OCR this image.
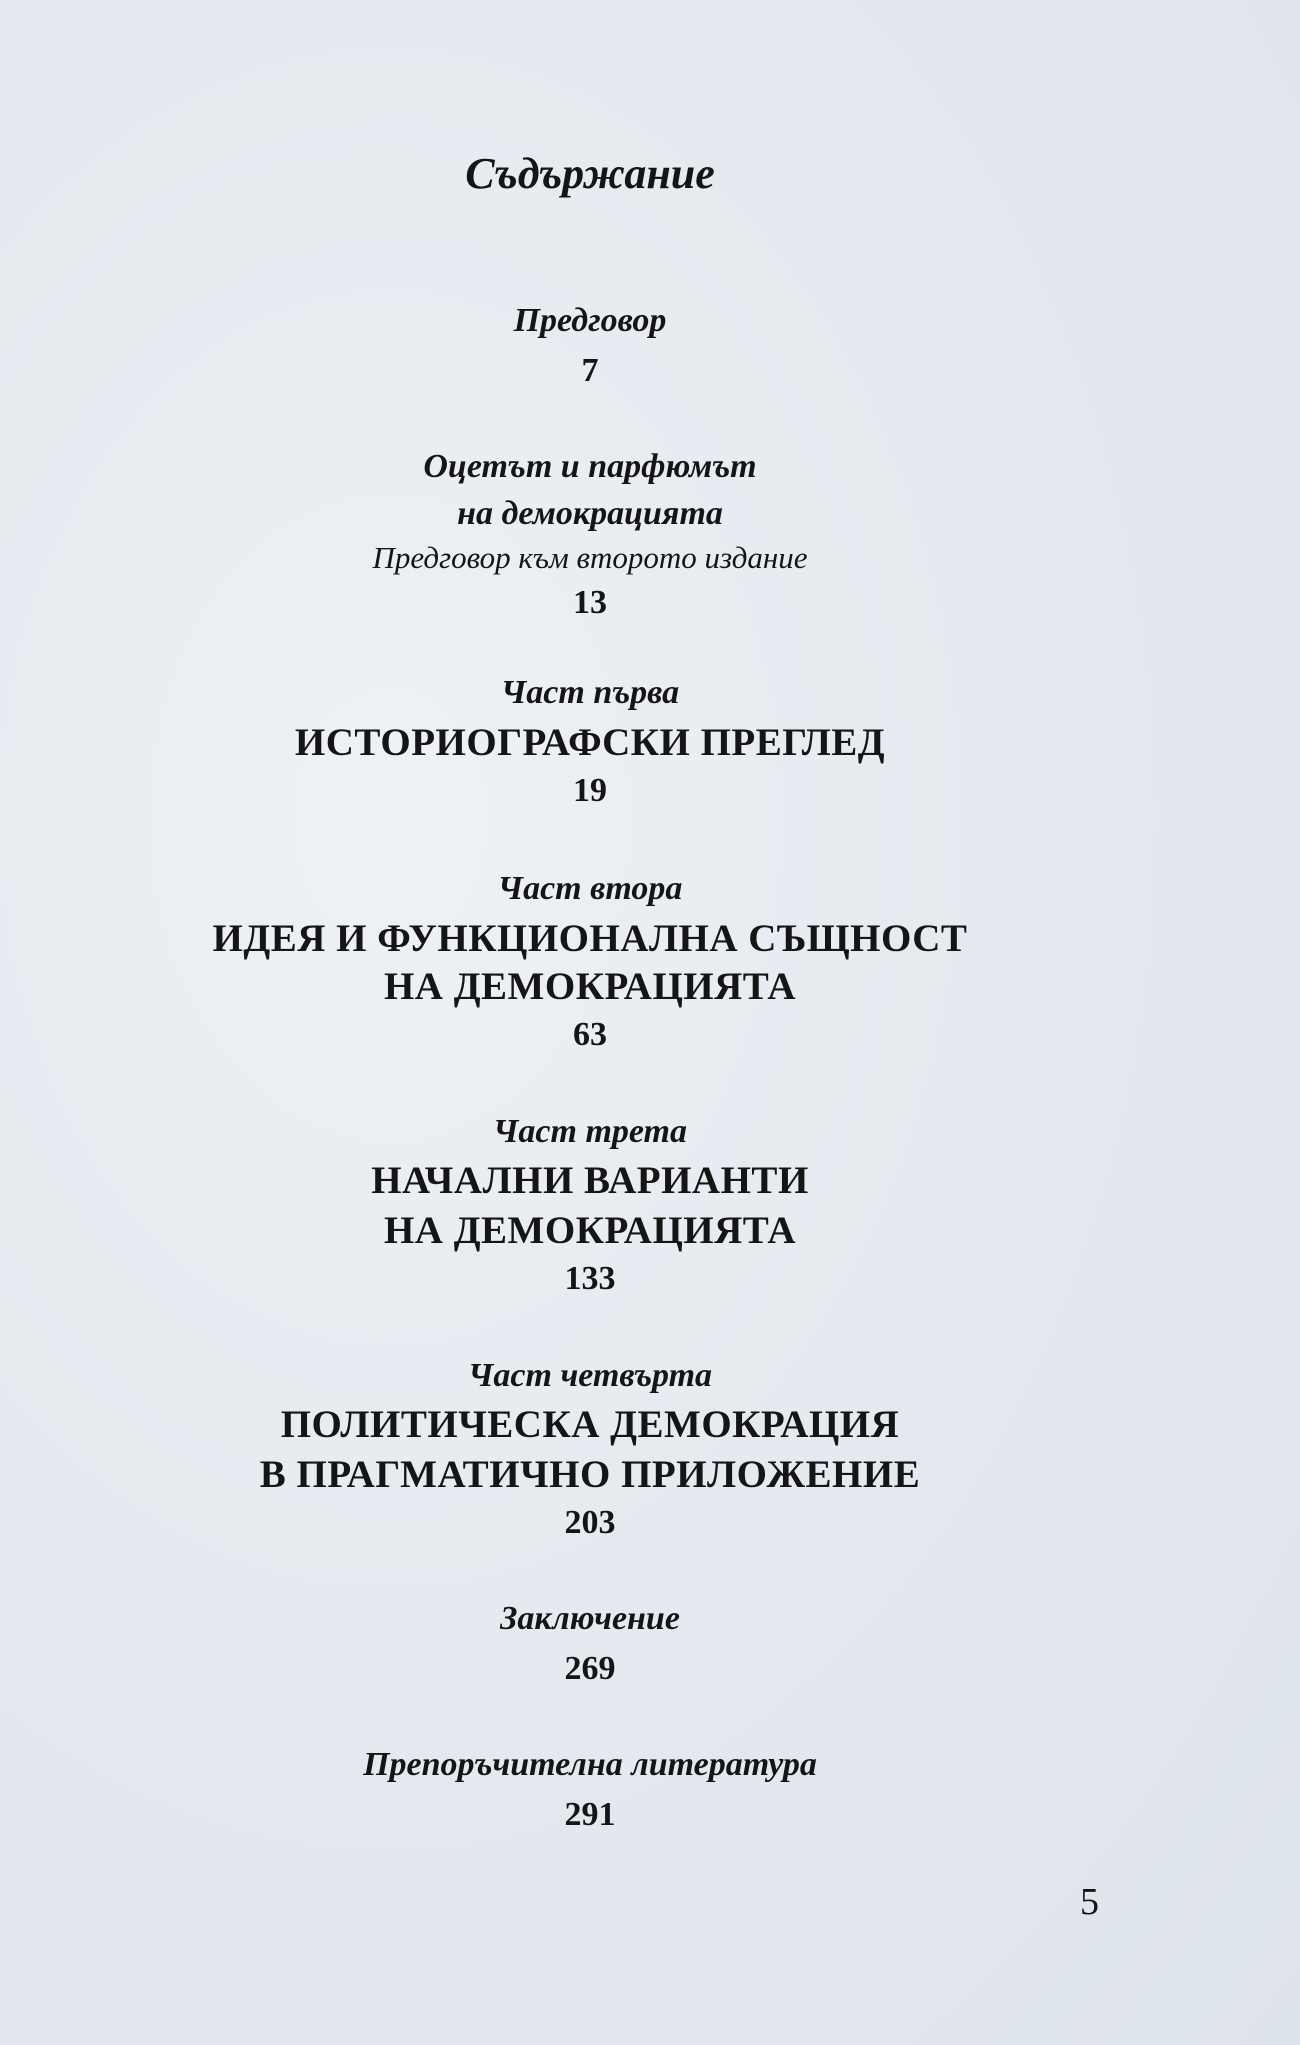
Съдържание
Предговор
7
Оцетът и парфюмът
на демокрацията
Предговор към второто издание
13
Част първа
ИСТОРИОГРАФСКИ ПРЕГЛЕД
19
Част втора
ИДЕЯ И ФУНКЦИОНАЛНА СЪЩНОСТ
НА ДЕМОКРАЦИЯТА
63
Част трета
НАЧАЛНИ ВАРИАНТИ
НА ДЕМОКРАЦИЯТА
133
Част четвърта
ПОЛИТИЧЕСКА ДЕМОКРАЦИЯ
В ПРАГМАТИЧНО ПРИЛОЖЕНИЕ
203
Заключение
269
Препоръчителна литература
291
5
